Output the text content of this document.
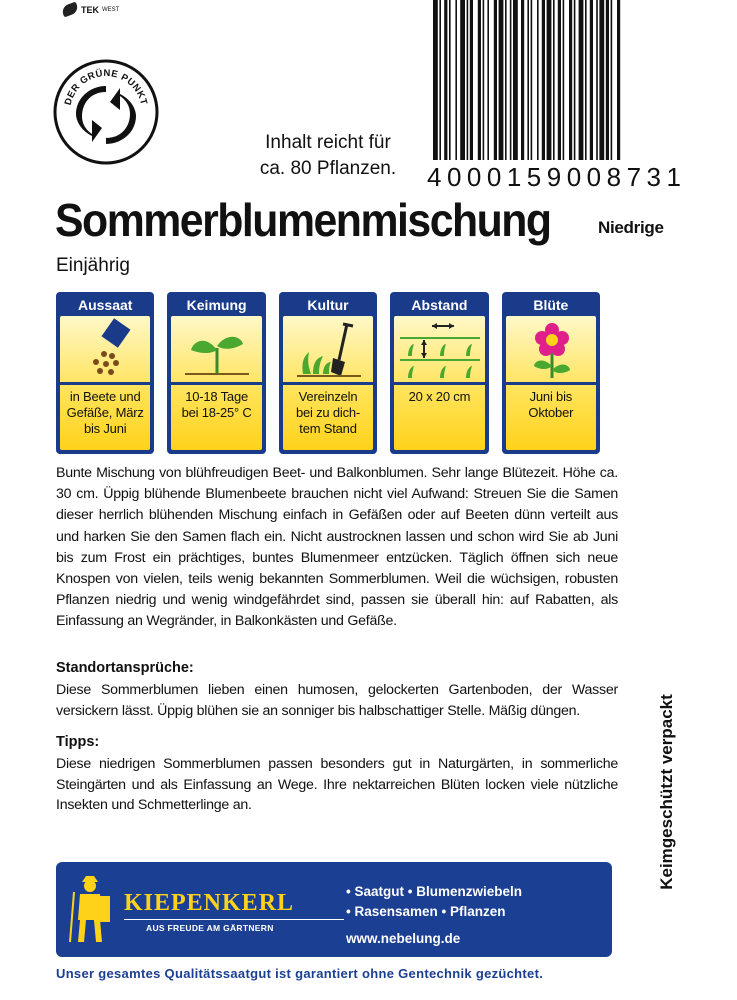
TEK WEST
DER GRÜNE PUNKT
4000159008731
Inhalt reicht für
ca. 80 Pflanzen.
Sommerblumenmischung	Niedrige
Einjährig
Aussaat
in Beete und
Gefäße, März
bis Juni
Keimung
10-18 Tage
bei 18-25° C
Kultur
Vereinzeln
bei zu dich-
tem Stand
Abstand
20 x 20 cm
Blüte
Juni bis
Oktober
Bunte Mischung von blühfreudigen Beet- und Balkonblumen. Sehr lange Blütezeit. Höhe ca. 30 cm. Üppig blühende Blumenbeete brauchen nicht viel Aufwand: Streuen Sie die Samen dieser herrlich blühenden Mischung einfach in Gefäßen oder auf Beeten dünn verteilt aus und harken Sie den Samen flach ein. Nicht austrocknen lassen und schon wird Sie ab Juni bis zum Frost ein prächtiges, buntes Blumenmeer entzücken. Täglich öffnen sich neue Knospen von vielen, teils wenig bekannten Sommerblumen. Weil die wüchsigen, robusten Pflanzen niedrig und wenig windgefährdet sind, passen sie überall hin: auf Rabatten, als Einfassung an Wegränder, in Balkonkästen und Gefäße.
Standortansprüche:
Diese Sommerblumen lieben einen humosen, gelockerten Gartenboden, der Wasser versickern lässt. Üppig blühen sie an sonniger bis halbschattiger Stelle. Mäßig düngen.
Tipps:
Diese niedrigen Sommerblumen passen besonders gut in Naturgärten, in sommerliche Steingärten und als Einfassung an Wege. Ihre nektarreichen Blüten locken viele nützliche Insekten und Schmetterlinge an.	Keimgeschützt verpackt
KIEPENKERL
AUS FREUDE AM GÄRTNERN
• Saatgut • Blumenzwiebeln
• Rasensamen • Pflanzen
www.nebelung.de
Unser gesamtes Qualitätssaatgut ist garantiert ohne Gentechnik gezüchtet.
